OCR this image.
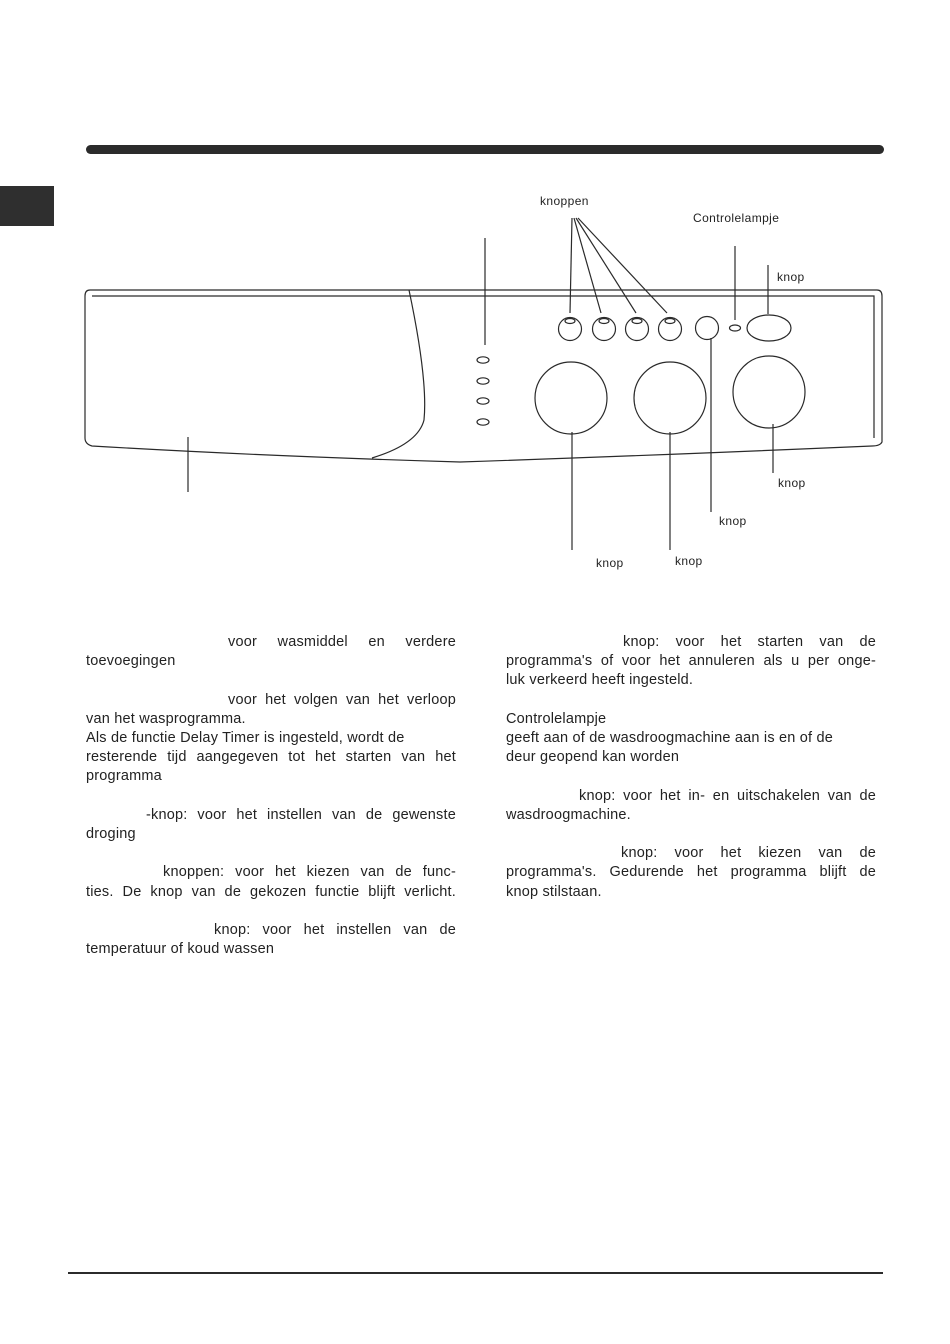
knoppen
Controlelampje
knop
knop
knop
knop	knop

voor wasmiddel en verdere

toevoegingen

voor het volgen van het verloop

van het wasprogramma.

Als de functie Delay Timer is ingesteld, wordt de

resterende tijd aangegeven tot het starten van het

programma

-knop: voor het instellen van de gewenste

droging

knoppen: voor het kiezen van de func-

ties. De knop van de gekozen functie blijft verlicht.

knop: voor het instellen van de

temperatuur of koud wassen

knop: voor het starten van de

programma's of voor het annuleren als u per onge-

luk verkeerd heeft ingesteld.

Controlelampje

geeft aan of de wasdroogmachine aan is en of de

deur geopend kan worden

knop: voor het in- en uitschakelen van de

wasdroogmachine.

knop: voor het kiezen van de

programma's. Gedurende het programma blijft de

knop stilstaan.
